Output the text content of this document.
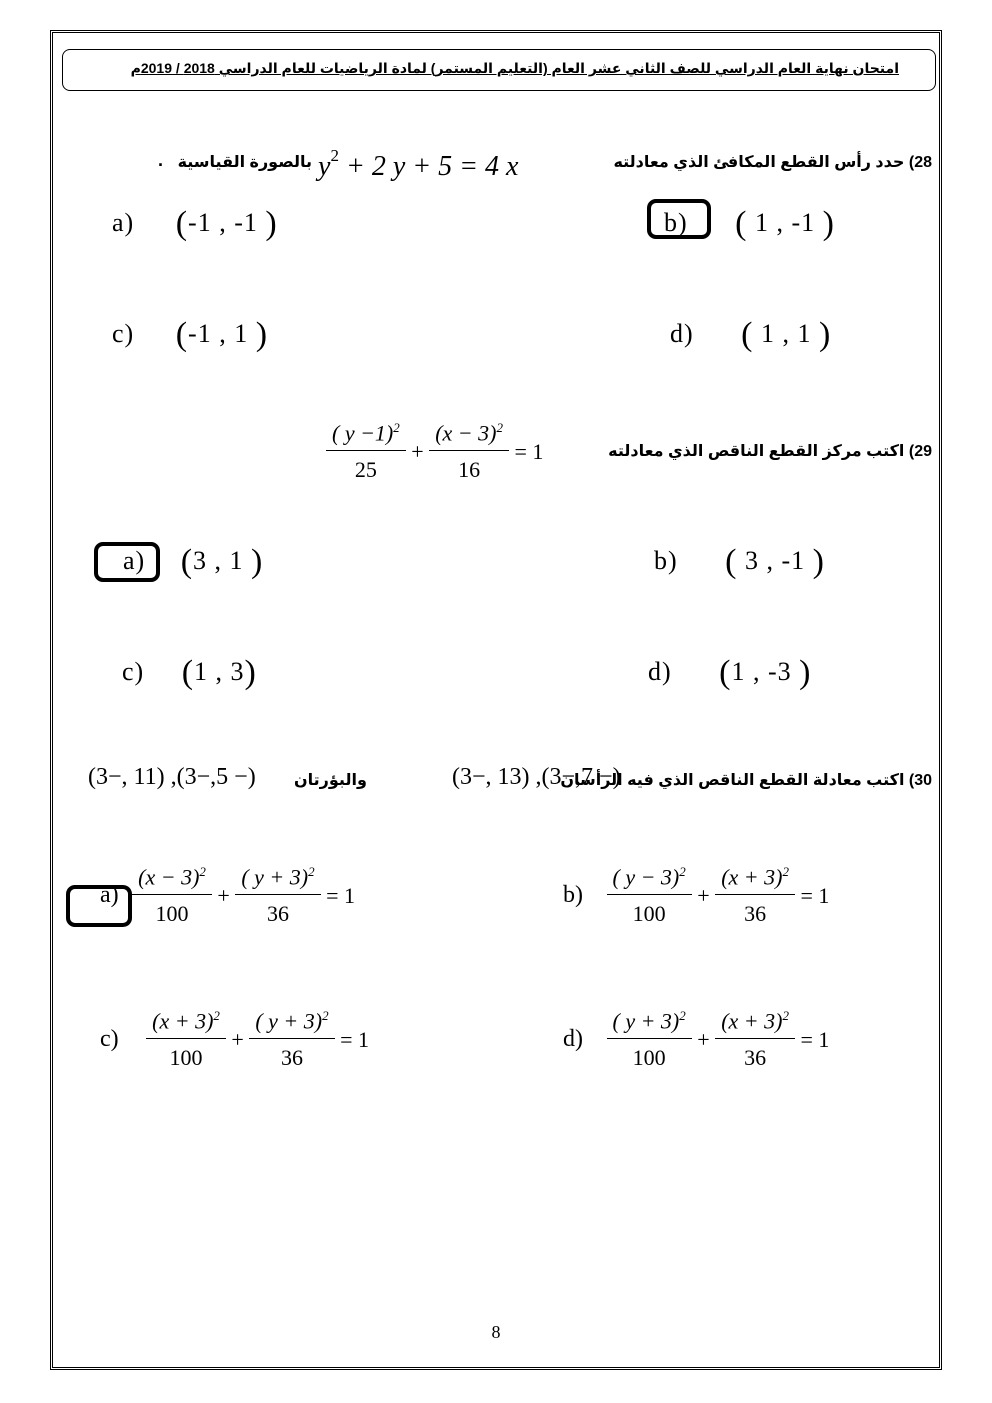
امتحان نهاية العام الدراسي للصف الثاني عشر العام (التعليم المستمر) لمادة الرياضيات للعام الدراسي 2018 / 2019م
28) حدد رأس القطع المكافئ الذي معادلته
$y^2 + 2$ y + 5 = 4 x
بالصورة القياسية
.
a) (-1 , -1 )	b) ( 1 , -1 )
c) (-1 , 1 )	d) ( 1 , 1 )
29) اكتب مركز القطع الناقص الذي معادلته
$\frac{( y -1)^2}{25} + \frac{(x - 3)^2}{16} = 1$
a) (3 , 1 )	b) ( 3 , -1 )
c) (1 , 3)	d) (1 , -3 )
30) اكتب معادلة القطع الناقص الذي فيه الرأسان
(3−, 13) ,(3−,7 −)
والبؤرتان
(3−, 11) ,(3−,5 −)
$a) \frac{(x - 3)^2}{100} + \frac{( y + 3)^2}{36} = 1$	$b) \frac{( y - 3)^2}{100} + \frac{(x + 3)^2}{36} = 1$
$c) \frac{(x + 3)^2}{100} + \frac{( y + 3)^2}{36} = 1$	$d) \frac{( y + 3)^2}{100} + \frac{(x + 3)^2}{36} = 1$
8
